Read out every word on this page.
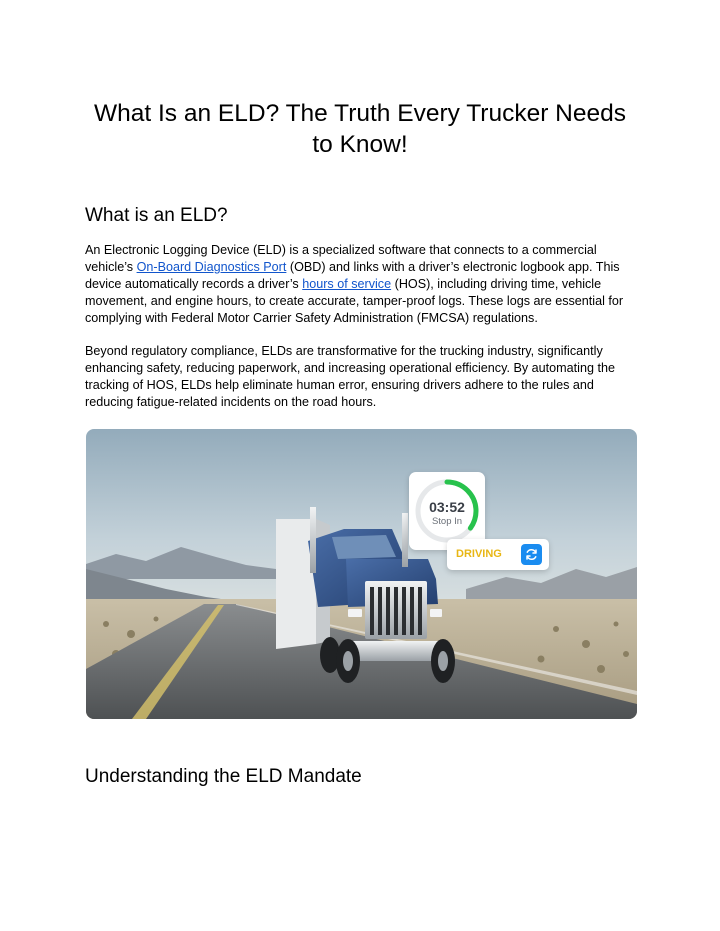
What Is an ELD? The Truth Every Trucker Needs to Know!
What is an ELD?

An Electronic Logging Device (ELD) is a specialized software that connects to a commercial vehicle’s On-Board Diagnostics Port (OBD) and links with a driver’s electronic logbook app. This device automatically records a driver’s hours of service (HOS), including driving time, vehicle movement, and engine hours, to create accurate, tamper-proof logs. These logs are essential for complying with Federal Motor Carrier Safety Administration (FMCSA) regulations.

Beyond regulatory compliance, ELDs are transformative for the trucking industry, significantly enhancing safety, reducing paperwork, and increasing operational efficiency. By automating the tracking of HOS, ELDs help eliminate human error, ensuring drivers adhere to the rules and reducing fatigue-related incidents on the road hours.

03:52
Stop In
DRIVING
Understanding the ELD Mandate
